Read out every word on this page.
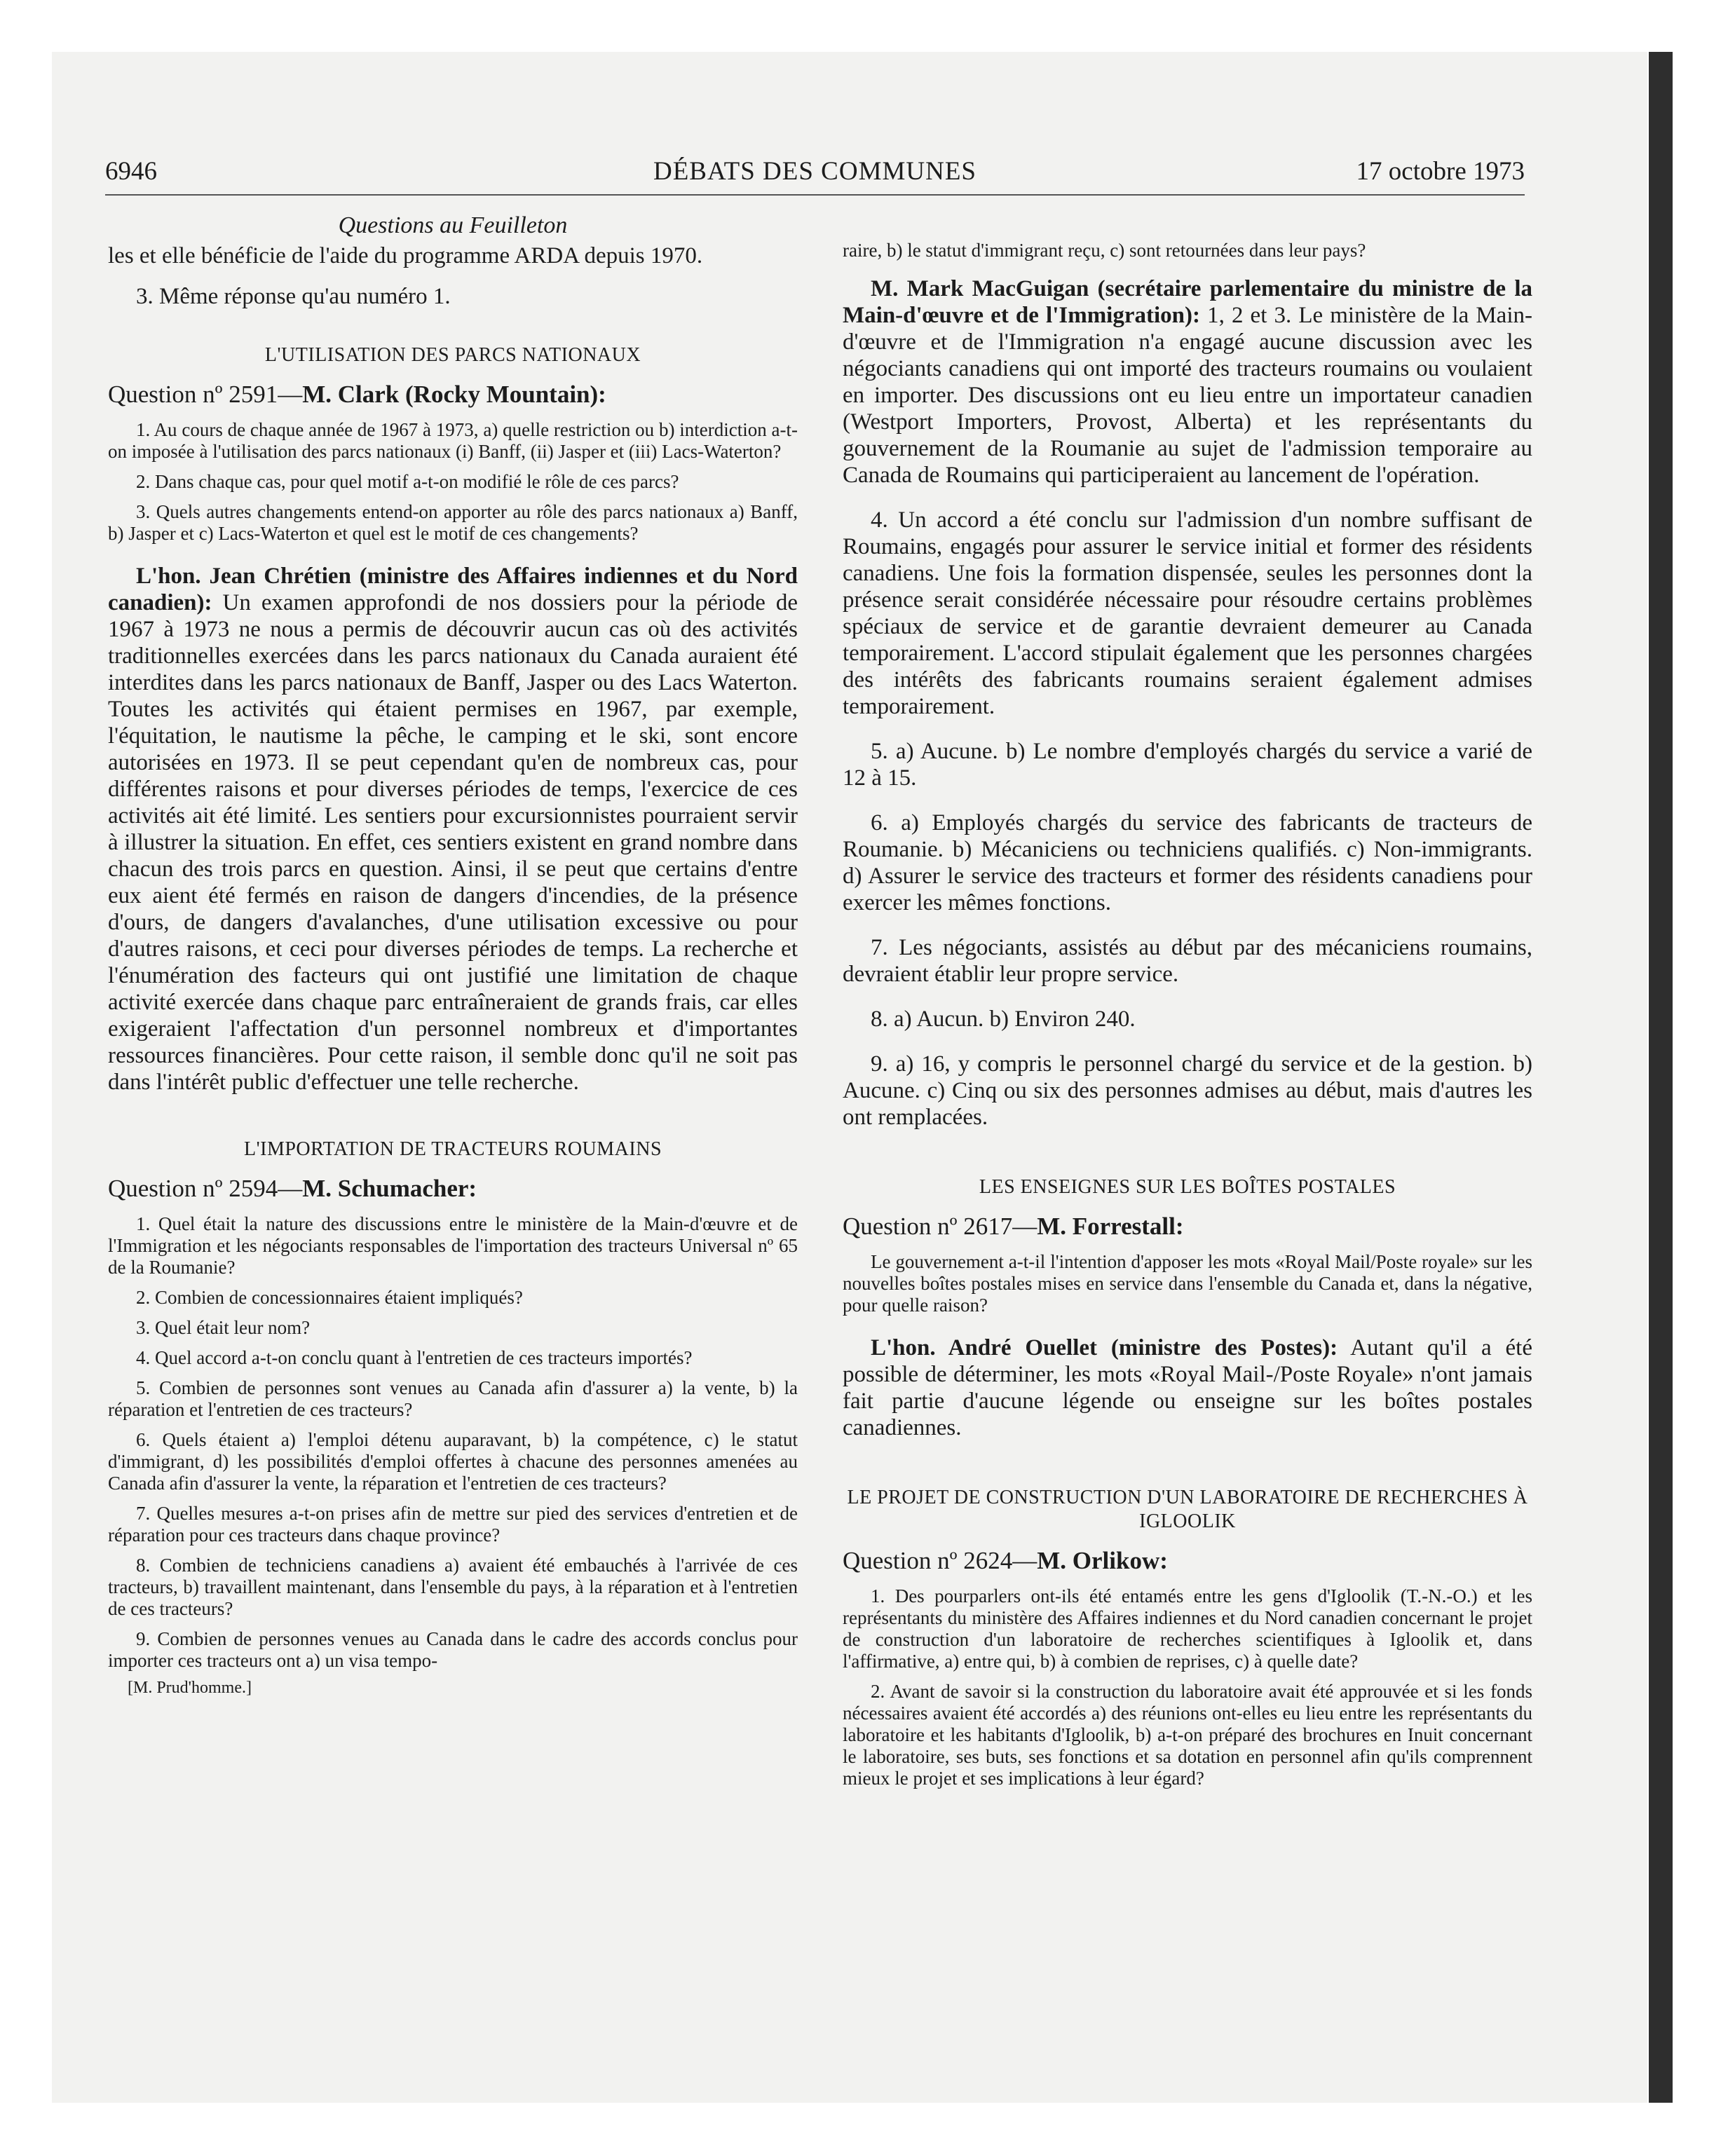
6946	DÉBATS DES COMMUNES	17 octobre 1973

Questions au Feuilleton

les et elle bénéficie de l'aide du programme ARDA depuis 1970.

3. Même réponse qu'au numéro 1.

L'UTILISATION DES PARCS NATIONAUX

Question nº 2591—M. Clark (Rocky Mountain):

1. Au cours de chaque année de 1967 à 1973, a) quelle restriction ou b) interdiction a-t-on imposée à l'utilisation des parcs nationaux (i) Banff, (ii) Jasper et (iii) Lacs-Waterton?

2. Dans chaque cas, pour quel motif a-t-on modifié le rôle de ces parcs?

3. Quels autres changements entend-on apporter au rôle des parcs nationaux a) Banff, b) Jasper et c) Lacs-Waterton et quel est le motif de ces changements?

L'hon. Jean Chrétien (ministre des Affaires indiennes et du Nord canadien): Un examen approfondi de nos dossiers pour la période de 1967 à 1973 ne nous a permis de découvrir aucun cas où des activités traditionnelles exercées dans les parcs nationaux du Canada auraient été interdites dans les parcs nationaux de Banff, Jasper ou des Lacs Waterton. Toutes les activités qui étaient permises en 1967, par exemple, l'équitation, le nautisme la pêche, le camping et le ski, sont encore autorisées en 1973. Il se peut cependant qu'en de nombreux cas, pour différentes raisons et pour diverses périodes de temps, l'exercice de ces activités ait été limité. Les sentiers pour excursionnistes pourraient servir à illustrer la situation. En effet, ces sentiers existent en grand nombre dans chacun des trois parcs en question. Ainsi, il se peut que certains d'entre eux aient été fermés en raison de dangers d'incendies, de la présence d'ours, de dangers d'avalanches, d'une utilisation excessive ou pour d'autres raisons, et ceci pour diverses périodes de temps. La recherche et l'énumération des facteurs qui ont justifié une limitation de chaque activité exercée dans chaque parc entraîneraient de grands frais, car elles exigeraient l'affectation d'un personnel nombreux et d'importantes ressources financières. Pour cette raison, il semble donc qu'il ne soit pas dans l'intérêt public d'effectuer une telle recherche.

L'IMPORTATION DE TRACTEURS ROUMAINS

Question nº 2594—M. Schumacher:

1. Quel était la nature des discussions entre le ministère de la Main-d'œuvre et de l'Immigration et les négociants responsables de l'importation des tracteurs Universal nº 65 de la Roumanie?

2. Combien de concessionnaires étaient impliqués?

3. Quel était leur nom?

4. Quel accord a-t-on conclu quant à l'entretien de ces tracteurs importés?

5. Combien de personnes sont venues au Canada afin d'assurer a) la vente, b) la réparation et l'entretien de ces tracteurs?

6. Quels étaient a) l'emploi détenu auparavant, b) la compétence, c) le statut d'immigrant, d) les possibilités d'emploi offertes à chacune des personnes amenées au Canada afin d'assurer la vente, la réparation et l'entretien de ces tracteurs?

7. Quelles mesures a-t-on prises afin de mettre sur pied des services d'entretien et de réparation pour ces tracteurs dans chaque province?

8. Combien de techniciens canadiens a) avaient été embauchés à l'arrivée de ces tracteurs, b) travaillent maintenant, dans l'ensemble du pays, à la réparation et à l'entretien de ces tracteurs?

9. Combien de personnes venues au Canada dans le cadre des accords conclus pour importer ces tracteurs ont a) un visa tempo-

[M. Prud'homme.]

raire, b) le statut d'immigrant reçu, c) sont retournées dans leur pays?

M. Mark MacGuigan (secrétaire parlementaire du ministre de la Main-d'œuvre et de l'Immigration): 1, 2 et 3. Le ministère de la Main-d'œuvre et de l'Immigration n'a engagé aucune discussion avec les négociants canadiens qui ont importé des tracteurs roumains ou voulaient en importer. Des discussions ont eu lieu entre un importateur canadien (Westport Importers, Provost, Alberta) et les représentants du gouvernement de la Roumanie au sujet de l'admission temporaire au Canada de Roumains qui participeraient au lancement de l'opération.

4. Un accord a été conclu sur l'admission d'un nombre suffisant de Roumains, engagés pour assurer le service initial et former des résidents canadiens. Une fois la formation dispensée, seules les personnes dont la présence serait considérée nécessaire pour résoudre certains problèmes spéciaux de service et de garantie devraient demeurer au Canada temporairement. L'accord stipulait également que les personnes chargées des intérêts des fabricants roumains seraient également admises temporairement.

5. a) Aucune. b) Le nombre d'employés chargés du service a varié de 12 à 15.

6. a) Employés chargés du service des fabricants de tracteurs de Roumanie. b) Mécaniciens ou techniciens qualifiés. c) Non-immigrants. d) Assurer le service des tracteurs et former des résidents canadiens pour exercer les mêmes fonctions.

7. Les négociants, assistés au début par des mécaniciens roumains, devraient établir leur propre service.

8. a) Aucun. b) Environ 240.

9. a) 16, y compris le personnel chargé du service et de la gestion. b) Aucune. c) Cinq ou six des personnes admises au début, mais d'autres les ont remplacées.

LES ENSEIGNES SUR LES BOÎTES POSTALES

Question nº 2617—M. Forrestall:

Le gouvernement a-t-il l'intention d'apposer les mots «Royal Mail/Poste royale» sur les nouvelles boîtes postales mises en service dans l'ensemble du Canada et, dans la négative, pour quelle raison?

L'hon. André Ouellet (ministre des Postes): Autant qu'il a été possible de déterminer, les mots «Royal Mail-/Poste Royale» n'ont jamais fait partie d'aucune légende ou enseigne sur les boîtes postales canadiennes.

LE PROJET DE CONSTRUCTION D'UN LABORATOIRE DE RECHERCHES À IGLOOLIK

Question nº 2624—M. Orlikow:

1. Des pourparlers ont-ils été entamés entre les gens d'Igloolik (T.-N.-O.) et les représentants du ministère des Affaires indiennes et du Nord canadien concernant le projet de construction d'un laboratoire de recherches scientifiques à Igloolik et, dans l'affirmative, a) entre qui, b) à combien de reprises, c) à quelle date?

2. Avant de savoir si la construction du laboratoire avait été approuvée et si les fonds nécessaires avaient été accordés a) des réunions ont-elles eu lieu entre les représentants du laboratoire et les habitants d'Igloolik, b) a-t-on préparé des brochures en Inuit concernant le laboratoire, ses buts, ses fonctions et sa dotation en personnel afin qu'ils comprennent mieux le projet et ses implications à leur égard?
